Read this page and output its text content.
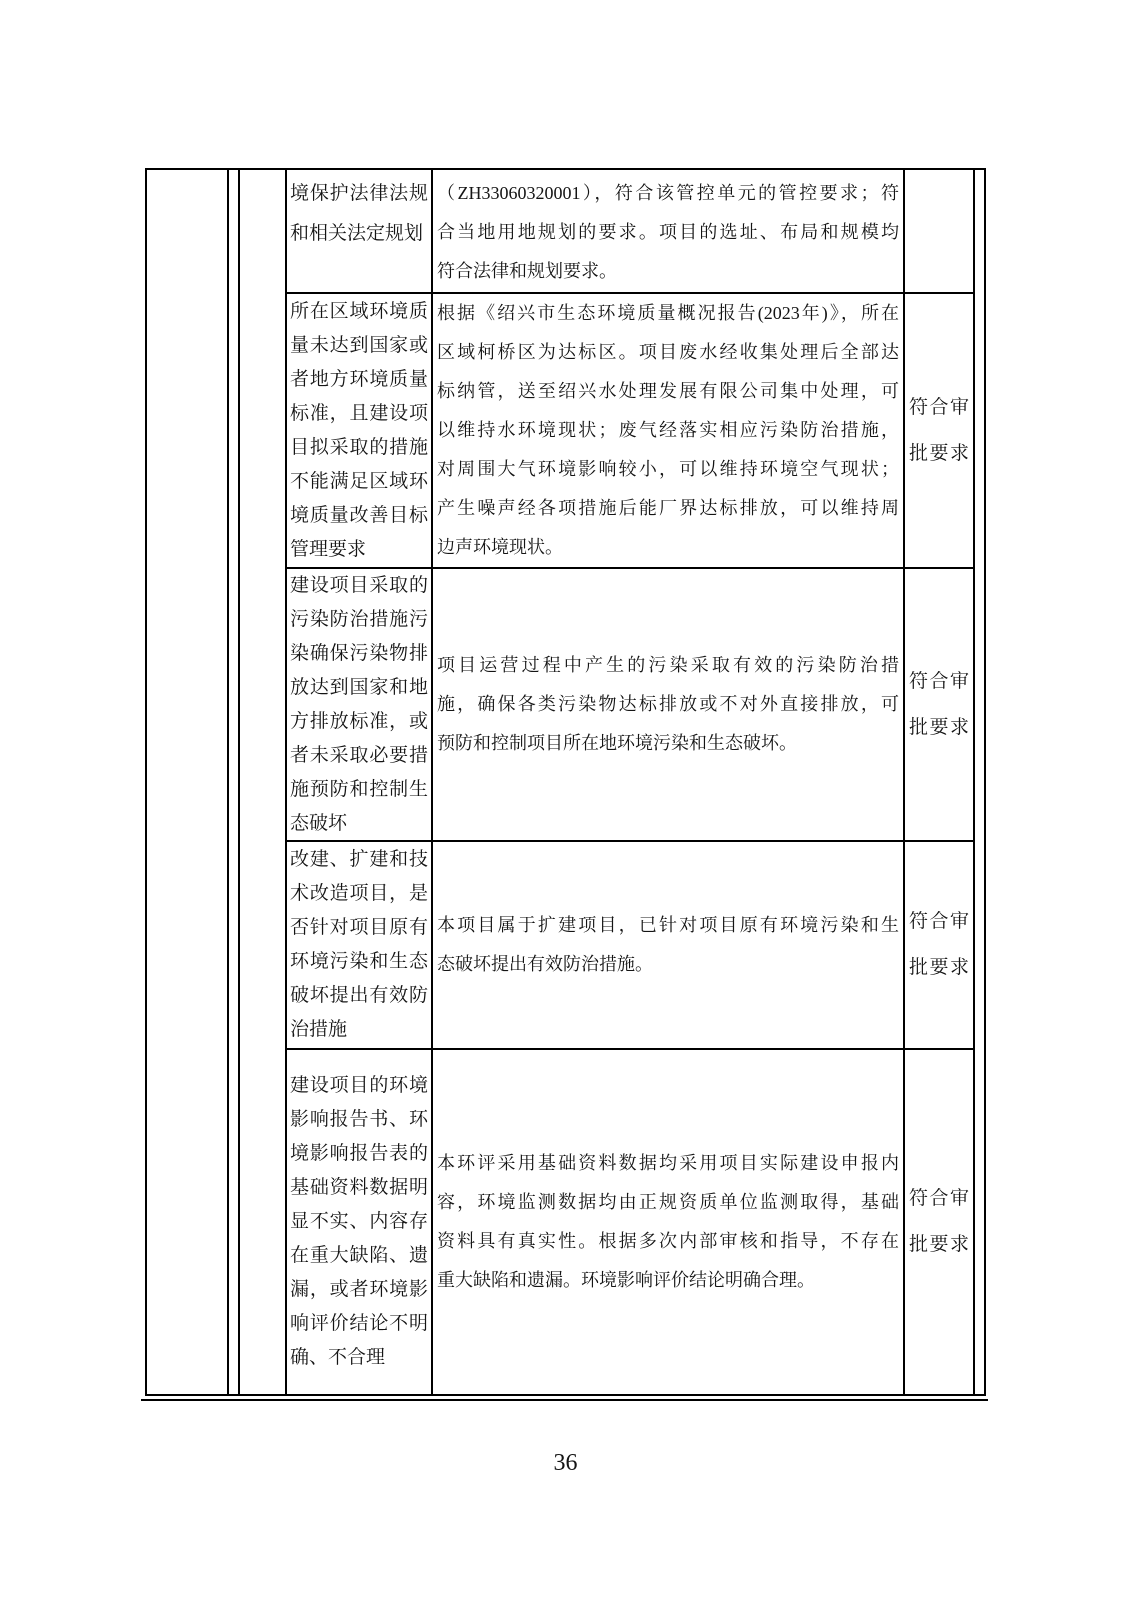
境保护法律法规
和相关法定规划
（ZH33060320001），符合该管控单元的管控要求；符
合当地用地规划的要求。项目的选址、布局和规模均
符合法律和规划要求。
所在区域环境质
量未达到国家或
者地方环境质量
标准，且建设项
目拟采取的措施
不能满足区域环
境质量改善目标
管理要求
根据《绍兴市生态环境质量概况报告(2023年)》，所在
区域柯桥区为达标区。项目废水经收集处理后全部达
标纳管，送至绍兴水处理发展有限公司集中处理，可
以维持水环境现状；废气经落实相应污染防治措施，
对周围大气环境影响较小，可以维持环境空气现状；
产生噪声经各项措施后能厂界达标排放，可以维持周
边声环境现状。
符合审
批要求
建设项目采取的
污染防治措施污
染确保污染物排
放达到国家和地
方排放标准，或
者未采取必要措
施预防和控制生
态破坏
项目运营过程中产生的污染采取有效的污染防治措
施，确保各类污染物达标排放或不对外直接排放，可
预防和控制项目所在地环境污染和生态破坏。
符合审
批要求
改建、扩建和技
术改造项目，是
否针对项目原有
环境污染和生态
破坏提出有效防
治措施
本项目属于扩建项目，已针对项目原有环境污染和生
态破坏提出有效防治措施。
符合审
批要求
建设项目的环境
影响报告书、环
境影响报告表的
基础资料数据明
显不实、内容存
在重大缺陷、遗
漏，或者环境影
响评价结论不明
确、不合理
本环评采用基础资料数据均采用项目实际建设申报内
容，环境监测数据均由正规资质单位监测取得，基础
资料具有真实性。根据多次内部审核和指导，不存在
重大缺陷和遗漏。环境影响评价结论明确合理。
符合审
批要求
36
